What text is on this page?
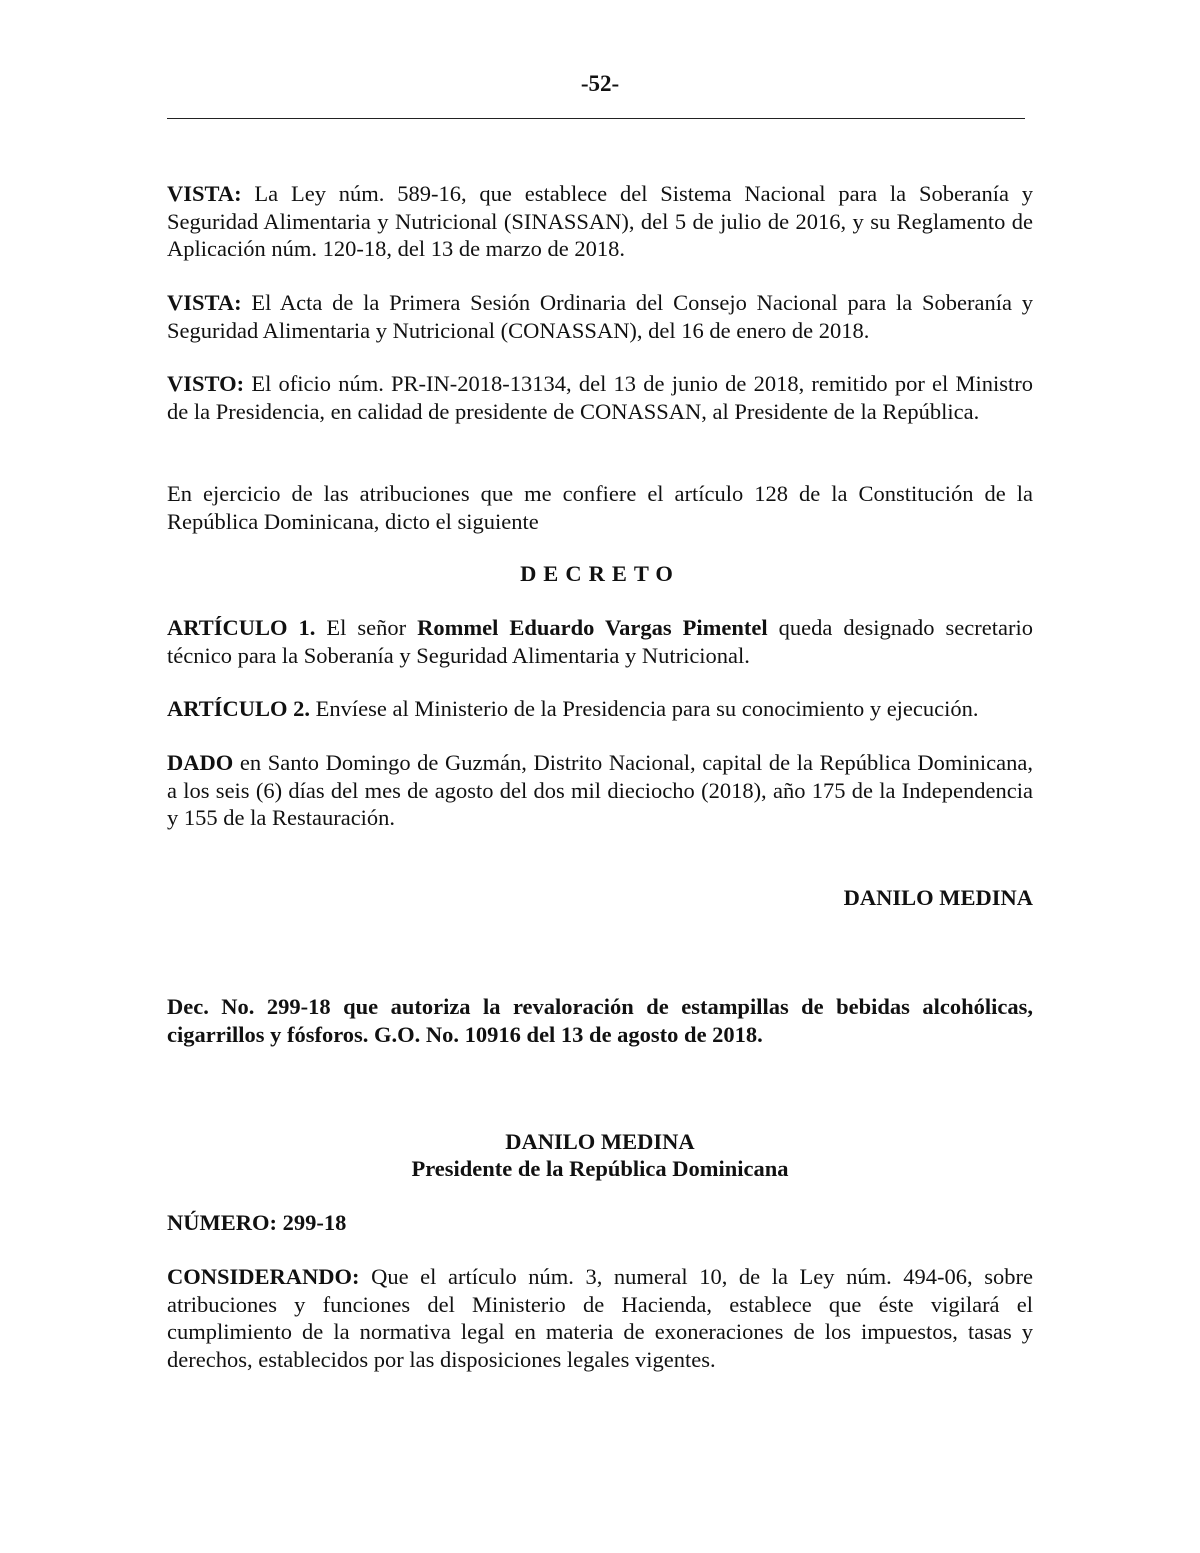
-52-

VISTA: La Ley núm. 589-16, que establece del Sistema Nacional para la Soberanía y Seguridad Alimentaria y Nutricional (SINASSAN), del 5 de julio de 2016, y su Reglamento de Aplicación núm. 120-18, del 13 de marzo de 2018.

VISTA: El Acta de la Primera Sesión Ordinaria del Consejo Nacional para la Soberanía y Seguridad Alimentaria y Nutricional (CONASSAN), del 16 de enero de 2018.

VISTO: El oficio núm. PR-IN-2018-13134, del 13 de junio de 2018, remitido por el Ministro de la Presidencia, en calidad de presidente de CONASSAN, al Presidente de la República.

En ejercicio de las atribuciones que me confiere el artículo 128 de la Constitución de la República Dominicana, dicto el siguiente

DECRETO

ARTÍCULO 1. El señor Rommel Eduardo Vargas Pimentel queda designado secretario técnico para la Soberanía y Seguridad Alimentaria y Nutricional.

ARTÍCULO 2. Envíese al Ministerio de la Presidencia para su conocimiento y ejecución.

DADO en Santo Domingo de Guzmán, Distrito Nacional, capital de la República Dominicana, a los seis (6) días del mes de agosto del dos mil dieciocho (2018), año 175 de la Independencia y 155 de la Restauración.

DANILO MEDINA

Dec. No. 299-18 que autoriza la revaloración de estampillas de bebidas alcohólicas, cigarrillos y fósforos. G.O. No. 10916 del 13 de agosto de 2018.

DANILO MEDINA

Presidente de la República Dominicana

NÚMERO: 299-18

CONSIDERANDO: Que el artículo núm. 3, numeral 10, de la Ley núm. 494-06, sobre atribuciones y funciones del Ministerio de Hacienda, establece que éste vigilará el cumplimiento de la normativa legal en materia de exoneraciones de los impuestos, tasas y derechos, establecidos por las disposiciones legales vigentes.
